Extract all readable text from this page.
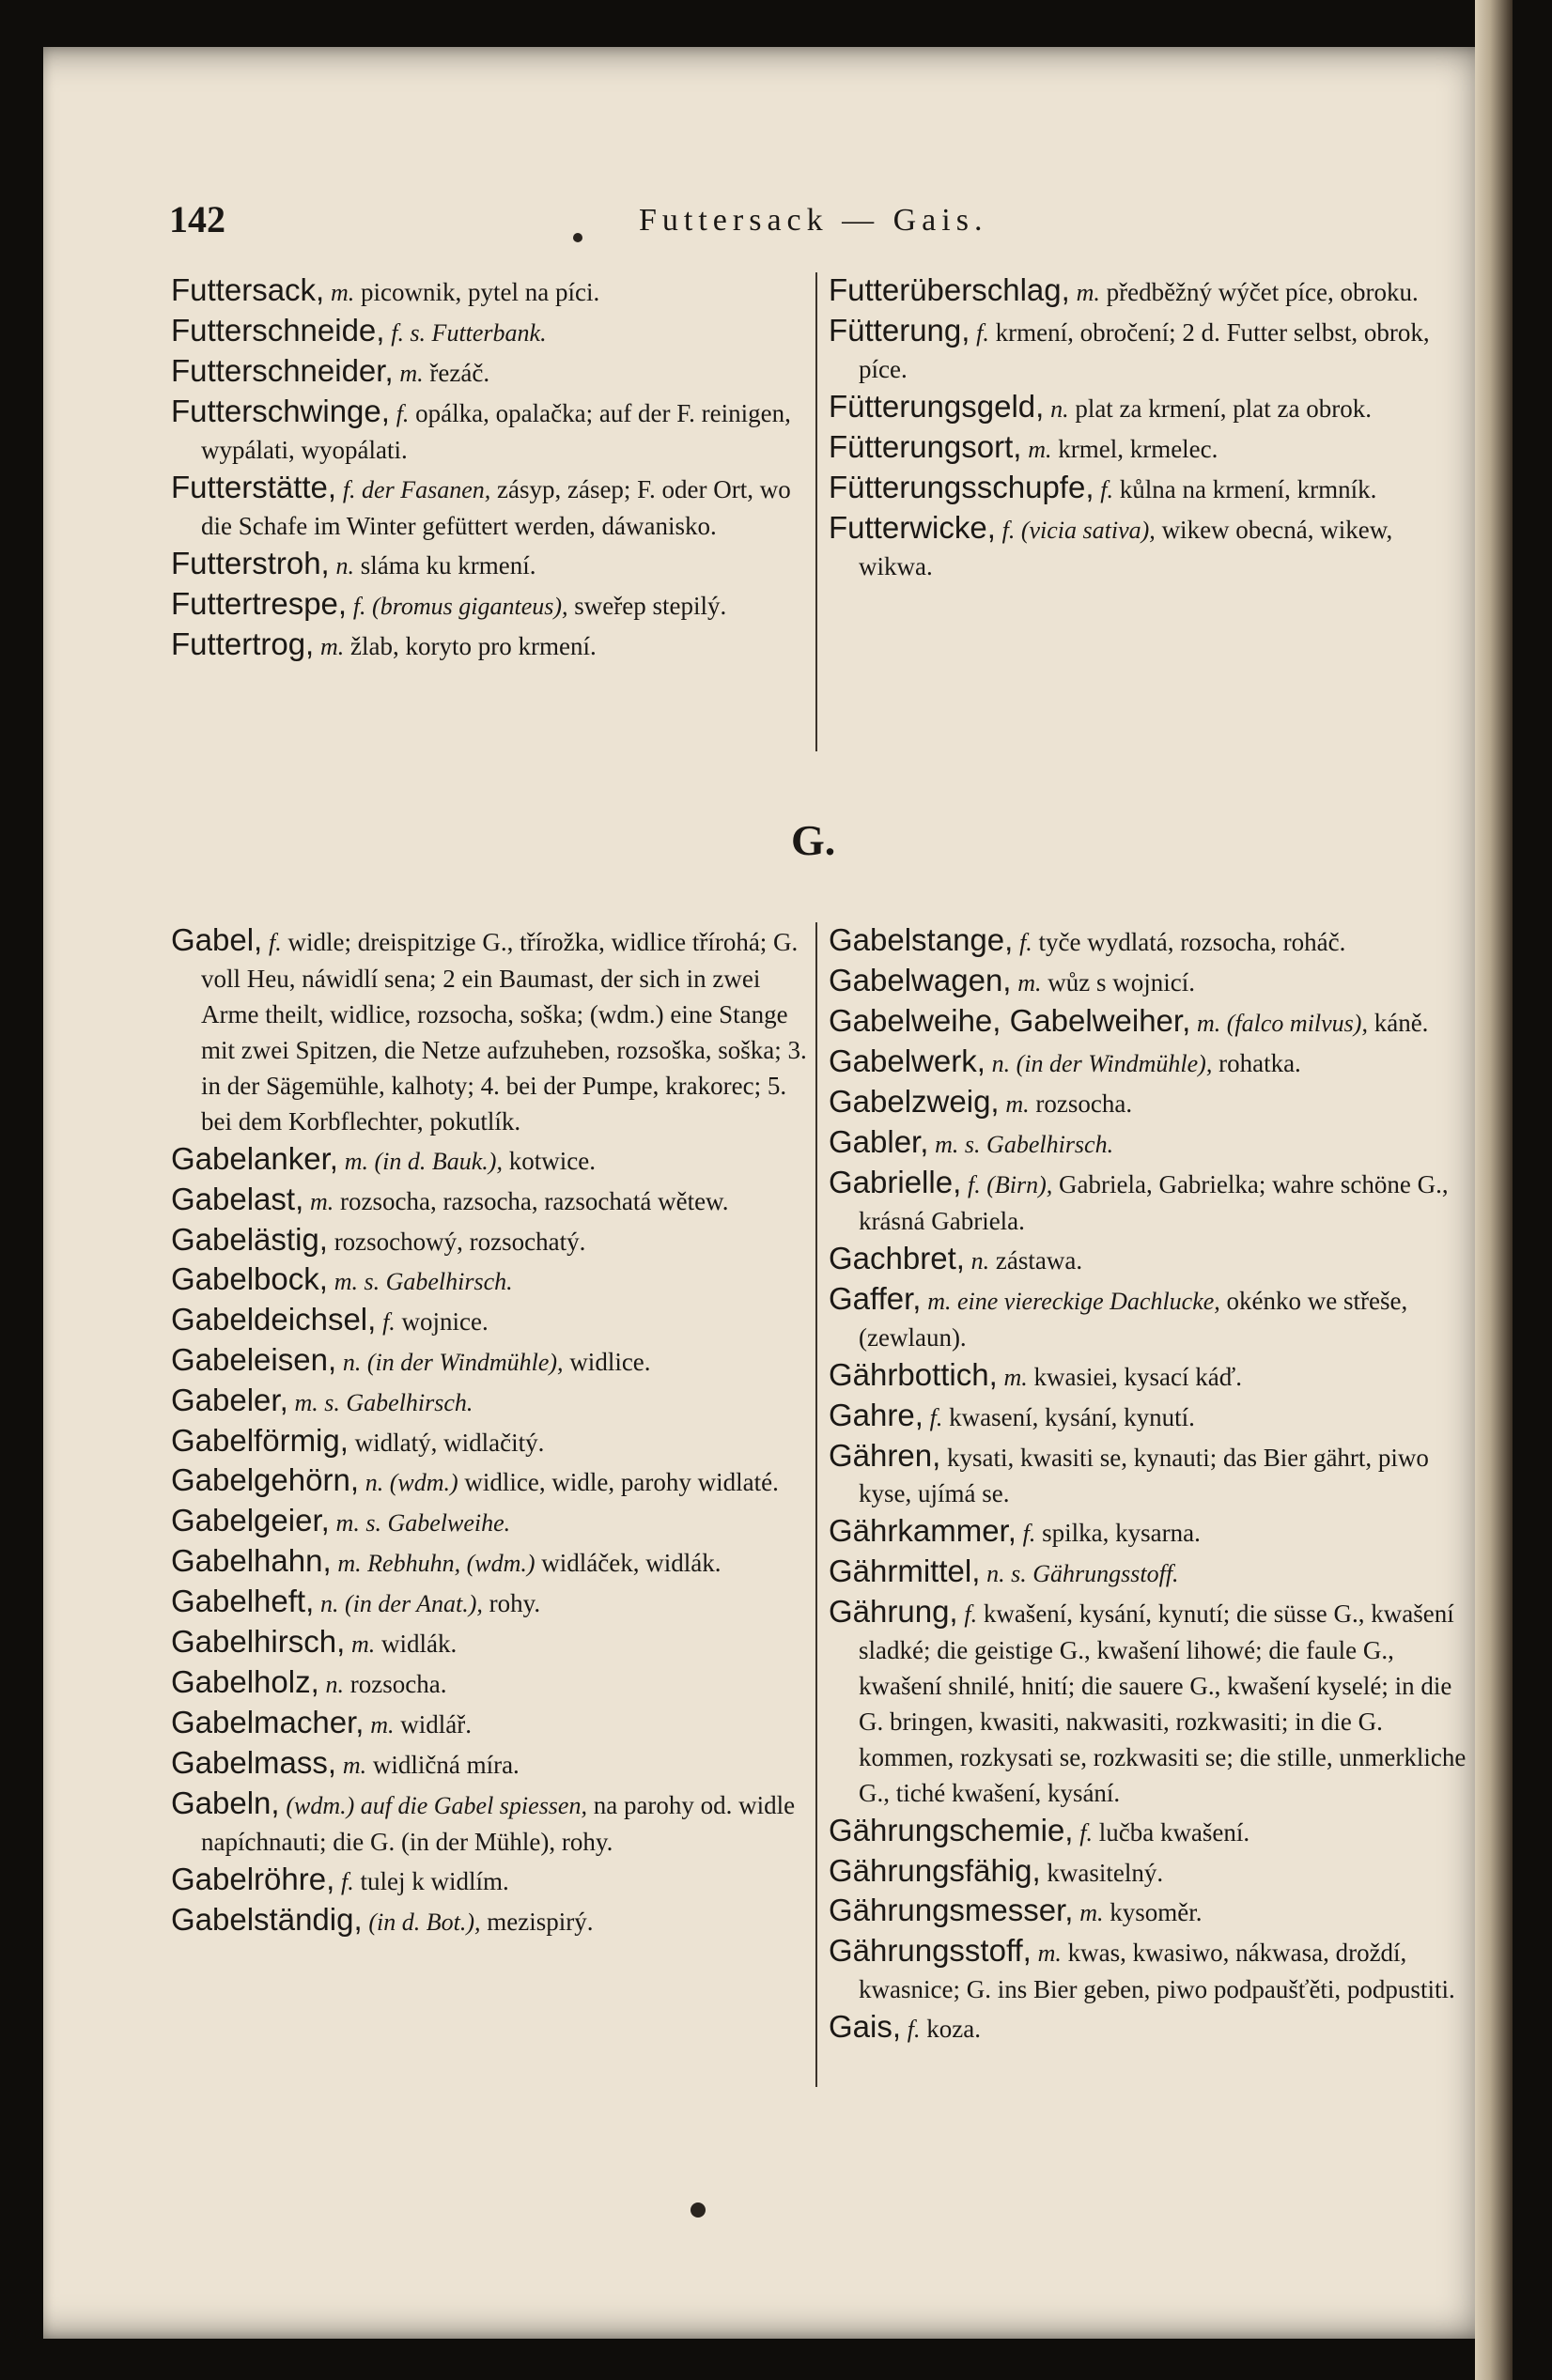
142	Futtersack — Gais.
Futtersack, m. picownik, pytel na píci.
Futterschneide, f. s. Futterbank.
Futterschneider, m. řezáč.
Futterschwinge, f. opálka, opalačka; auf der F. reinigen, wypálati, wyopálati.
Futterstätte, f. der Fasanen, zásyp, zásep; F. oder Ort, wo die Schafe im Winter gefüttert werden, dáwanisko.
Futterstroh, n. sláma ku krmení.
Futtertrespe, f. (bromus giganteus), sweřep stepilý.
Futtertrog, m. žlab, koryto pro krmení.
Futterüberschlag, m. předběžný wýčet píce, obroku.
Fütterung, f. krmení, obročení; 2 d. Futter selbst, obrok, píce.
Fütterungsgeld, n. plat za krmení, plat za obrok.
Fütterungsort, m. krmel, krmelec.
Fütterungsschupfe, f. kůlna na krmení, krmník.
Futterwicke, f. (vicia sativa), wikew obecná, wikew, wikwa.
G.
Gabel, f. widle; dreispitzige G., třírožka, widlice třírohá; G. voll Heu, náwidlí sena; 2 ein Baumast, der sich in zwei Arme theilt, widlice, rozsocha, soška; (wdm.) eine Stange mit zwei Spitzen, die Netze aufzuheben, rozsoška, soška; 3. in der Sägemühle, kalhoty; 4. bei der Pumpe, krakorec; 5. bei dem Korbflechter, pokutlík.
Gabelanker, m. (in d. Bauk.), kotwice.
Gabelast, m. rozsocha, razsocha, razsochatá wětew.
Gabelästig, rozsochowý, rozsochatý.
Gabelbock, m. s. Gabelhirsch.
Gabeldeichsel, f. wojnice.
Gabeleisen, n. (in der Windmühle), widlice.
Gabeler, m. s. Gabelhirsch.
Gabelförmig, widlatý, widlačitý.
Gabelgehörn, n. (wdm.) widlice, widle, parohy widlaté.
Gabelgeier, m. s. Gabelweihe.
Gabelhahn, m. Rebhuhn, (wdm.) widláček, widlák.
Gabelheft, n. (in der Anat.), rohy.
Gabelhirsch, m. widlák.
Gabelholz, n. rozsocha.
Gabelmacher, m. widlář.
Gabelmass, m. widličná míra.
Gabeln, (wdm.) auf die Gabel spiessen, na parohy od. widle napíchnauti; die G. (in der Mühle), rohy.
Gabelröhre, f. tulej k widlím.
Gabelständig, (in d. Bot.), mezispirý.
Gabelstange, f. tyče wydlatá, rozsocha, roháč.
Gabelwagen, m. wůz s wojnicí.
Gabelweihe, Gabelweiher, m. (falco milvus), káně.
Gabelwerk, n. (in der Windmühle), rohatka.
Gabelzweig, m. rozsocha.
Gabler, m. s. Gabelhirsch.
Gabrielle, f. (Birn), Gabriela, Gabrielka; wahre schöne G., krásná Gabriela.
Gachbret, n. zástawa.
Gaffer, m. eine viereckige Dachlucke, okénko we střeše, (zewlaun).
Gährbottich, m. kwasiei, kysací káď.
Gahre, f. kwasení, kysání, kynutí.
Gähren, kysati, kwasiti se, kynauti; das Bier gährt, piwo kyse, ujímá se.
Gährkammer, f. spilka, kysarna.
Gährmittel, n. s. Gährungsstoff.
Gährung, f. kwašení, kysání, kynutí; die süsse G., kwašení sladké; die geistige G., kwašení lihowé; die faule G., kwašení shnilé, hnití; die sauere G., kwašení kyselé; in die G. bringen, kwasiti, nakwasiti, rozkwasiti; in die G. kommen, rozkysati se, rozkwasiti se; die stille, unmerkliche G., tiché kwašení, kysání.
Gährungschemie, f. lučba kwašení.
Gährungsfähig, kwasitelný.
Gährungsmesser, m. kysoměr.
Gährungsstoff, m. kwas, kwasiwo, nákwasa, droždí, kwasnice; G. ins Bier geben, piwo podpaušťěti, podpustiti.
Gais, f. koza.
